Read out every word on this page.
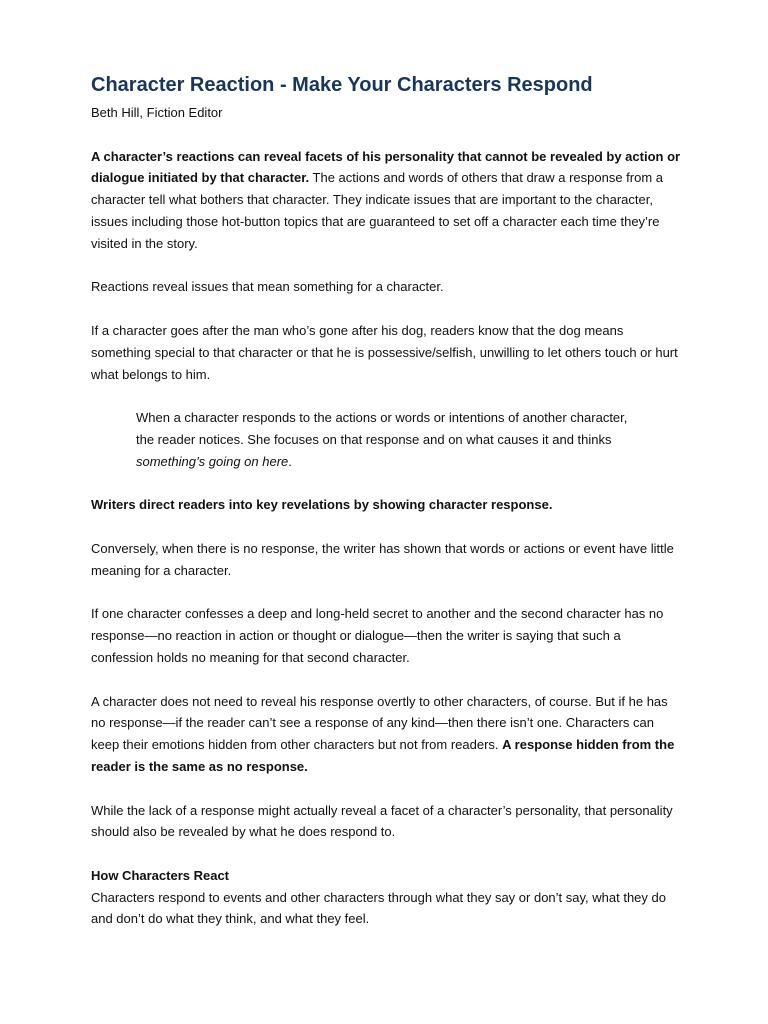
Character Reaction - Make Your Characters Respond

Beth Hill, Fiction Editor

A character’s reactions can reveal facets of his personality that cannot be revealed by action or dialogue initiated by that character. The actions and words of others that draw a response from a character tell what bothers that character. They indicate issues that are important to the character, issues including those hot-button topics that are guaranteed to set off a character each time they’re visited in the story.

Reactions reveal issues that mean something for a character.

If a character goes after the man who’s gone after his dog, readers know that the dog means something special to that character or that he is possessive/selfish, unwilling to let others touch or hurt what belongs to him.

When a character responds to the actions or words or intentions of another character, the reader notices. She focuses on that response and on what causes it and thinks something’s going on here.

Writers direct readers into key revelations by showing character response.

Conversely, when there is no response, the writer has shown that words or actions or event have little meaning for a character.

If one character confesses a deep and long-held secret to another and the second character has no response—no reaction in action or thought or dialogue—then the writer is saying that such a confession holds no meaning for that second character.

A character does not need to reveal his response overtly to other characters, of course. But if he has no response—if the reader can’t see a response of any kind—then there isn’t one. Characters can keep their emotions hidden from other characters but not from readers. A response hidden from the reader is the same as no response.

While the lack of a response might actually reveal a facet of a character’s personality, that personality should also be revealed by what he does respond to.

How Characters React

Characters respond to events and other characters through what they say or don’t say, what they do and don’t do what they think, and what they feel.
